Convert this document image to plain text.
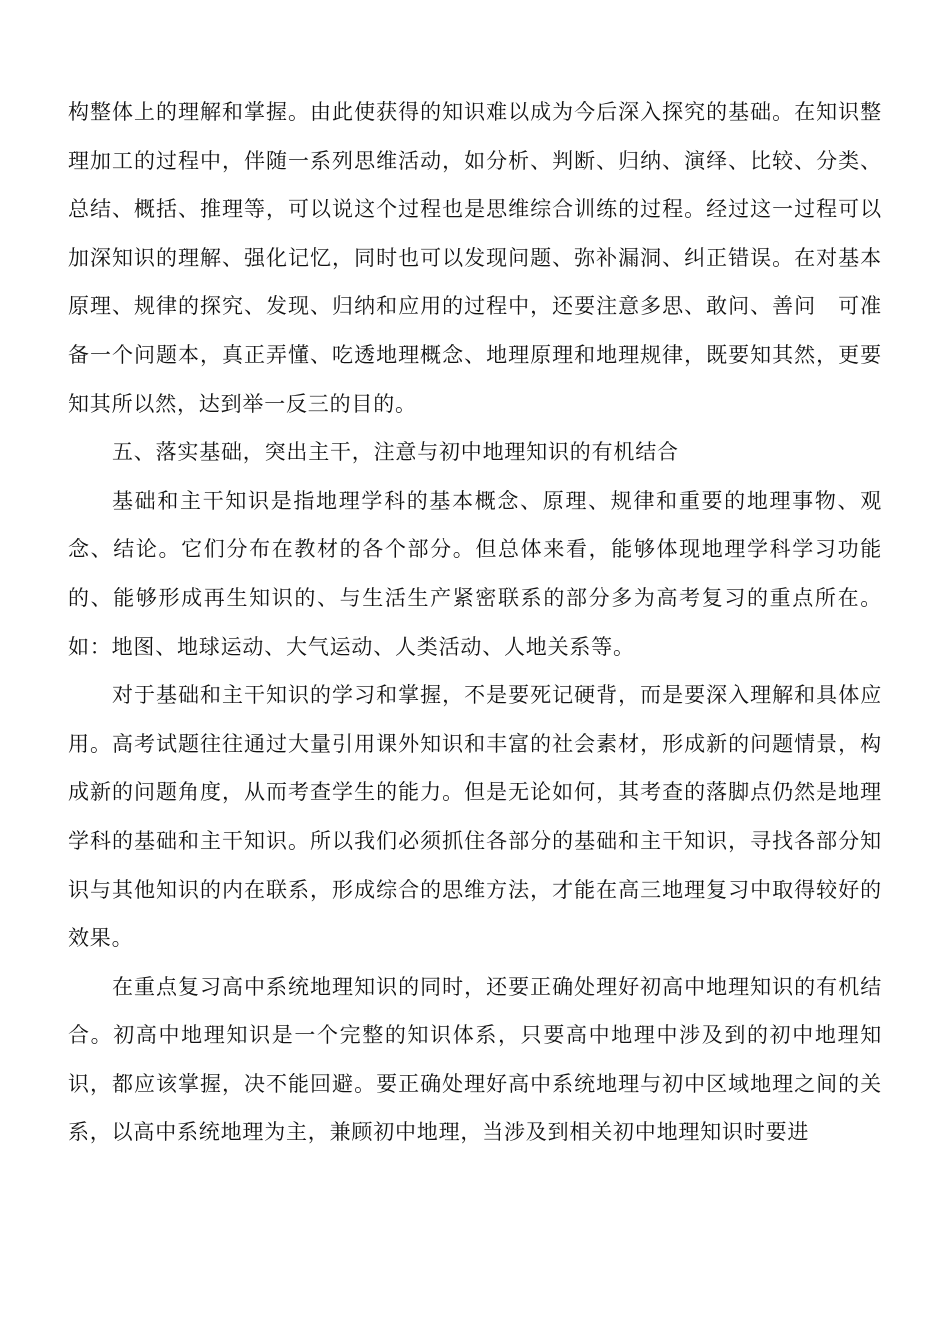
构整体上的理解和掌握。由此使获得的知识难以成为今后深入探究的基础。在知识整理加工的过程中，伴随一系列思维活动，如分析、判断、归纳、演绎、比较、分类、总结、概括、推理等，可以说这个过程也是思维综合训练的过程。经过这一过程可以加深知识的理解、强化记忆，同时也可以发现问题、弥补漏洞、纠正错误。在对基本原理、规律的探究、发现、归纳和应用的过程中，还要注意多思、敢问、善问　可准备一个问题本，真正弄懂、吃透地理概念、地理原理和地理规律，既要知其然，更要知其所以然，达到举一反三的目的。

五、落实基础，突出主干，注意与初中地理知识的有机结合

基础和主干知识是指地理学科的基本概念、原理、规律和重要的地理事物、观念、结论。它们分布在教材的各个部分。但总体来看，能够体现地理学科学习功能的、能够形成再生知识的、与生活生产紧密联系的部分多为高考复习的重点所在。如：地图、地球运动、大气运动、人类活动、人地关系等。

对于基础和主干知识的学习和掌握，不是要死记硬背，而是要深入理解和具体应用。高考试题往往通过大量引用课外知识和丰富的社会素材，形成新的问题情景，构成新的问题角度，从而考查学生的能力。但是无论如何，其考查的落脚点仍然是地理学科的基础和主干知识。所以我们必须抓住各部分的基础和主干知识，寻找各部分知识与其他知识的内在联系，形成综合的思维方法，才能在高三地理复习中取得较好的效果。

在重点复习高中系统地理知识的同时，还要正确处理好初高中地理知识的有机结合。初高中地理知识是一个完整的知识体系，只要高中地理中涉及到的初中地理知识，都应该掌握，决不能回避。要正确处理好高中系统地理与初中区域地理之间的关系，以高中系统地理为主，兼顾初中地理，当涉及到相关初中地理知识时要进
